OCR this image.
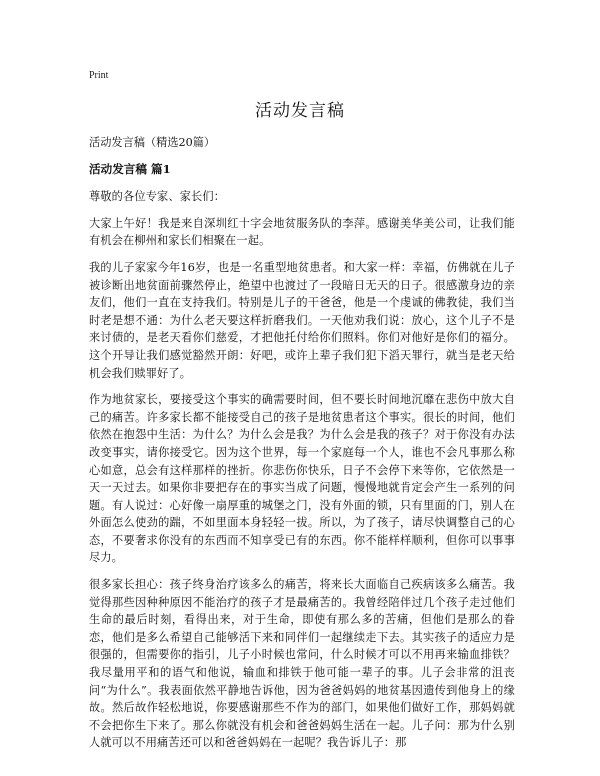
Print
活动发言稿
活动发言稿（精选20篇）
活动发言稿 篇1

尊敬的各位专家、家长们：

大家上午好！我是来自深圳红十字会地贫服务队的李萍。感谢美华美公司，让我们能有机会在柳州和家长们相聚在一起。

我的儿子家家今年16岁，也是一名重型地贫患者。和大家一样：幸福，仿佛就在儿子被诊断出地贫面前骤然停止，绝望中也渡过了一段暗日无天的日子。很感激身边的亲友们，他们一直在支持我们。特别是儿子的干爸爸，他是一个虔诚的佛教徒，我们当时老是想不通：为什么老天要这样折磨我们。一天他劝我们说：放心，这个儿子不是来讨债的，是老天看你们慈爱，才把他托付给你们照料。你们对他好是你们的福分。这个开导让我们感觉豁然开朗：好吧，或许上辈子我们犯下滔天罪行，就当是老天给机会我们赎罪好了。

作为地贫家长，要接受这个事实的确需要时间，但不要长时间地沉靡在悲伤中放大自己的痛苦。许多家长都不能接受自己的孩子是地贫患者这个事实。很长的时间，他们依然在抱怨中生活：为什么？为什么会是我？为什么会是我的孩子？对于你没有办法改变事实，请你接受它。因为这个世界，每一个家庭每一个人，谁也不会凡事那么称心如意，总会有这样那样的挫折。你悲伤你快乐，日子不会停下来等你，它依然是一天一天过去。如果你非要把存在的事实当成了问题，慢慢地就肯定会产生一系列的问题。有人说过：心好像一扇厚重的城堡之门，没有外面的锁，只有里面的门，别人在外面怎么使劲的踹，不如里面本身轻轻一拔。所以，为了孩子，请尽快调整自己的心态，不要奢求你没有的东西而不知享受已有的东西。你不能样样顺利，但你可以事事尽力。

很多家长担心：孩子终身治疗该多么的痛苦，将来长大面临自己疾病该多么痛苦。我觉得那些因种种原因不能治疗的孩子才是最痛苦的。我曾经陪伴过几个孩子走过他们生命的最后时刻，看得出来，对于生命，即使有那么多的苦痛，但他们是那么的眷恋，他们是多么希望自己能够活下来和同伴们一起继续走下去。其实孩子的适应力是很强的，但需要你的指引，儿子小时候也常问，什么时候才可以不用再来输血排铁？我尽量用平和的语气和他说，输血和排铁于他可能一辈子的事。儿子会非常的沮丧问“为什么”。我表面依然平静地告诉他，因为爸爸妈妈的地贫基因遗传到他身上的缘故。然后故作轻松地说，你要感谢那些不作为的部门，如果他们做好工作，那妈妈就不会把你生下来了。那么你就没有机会和爸爸妈妈生活在一起。儿子问：那为什么别人就可以不用痛苦还可以和爸爸妈妈在一起呢？我告诉儿子：那
